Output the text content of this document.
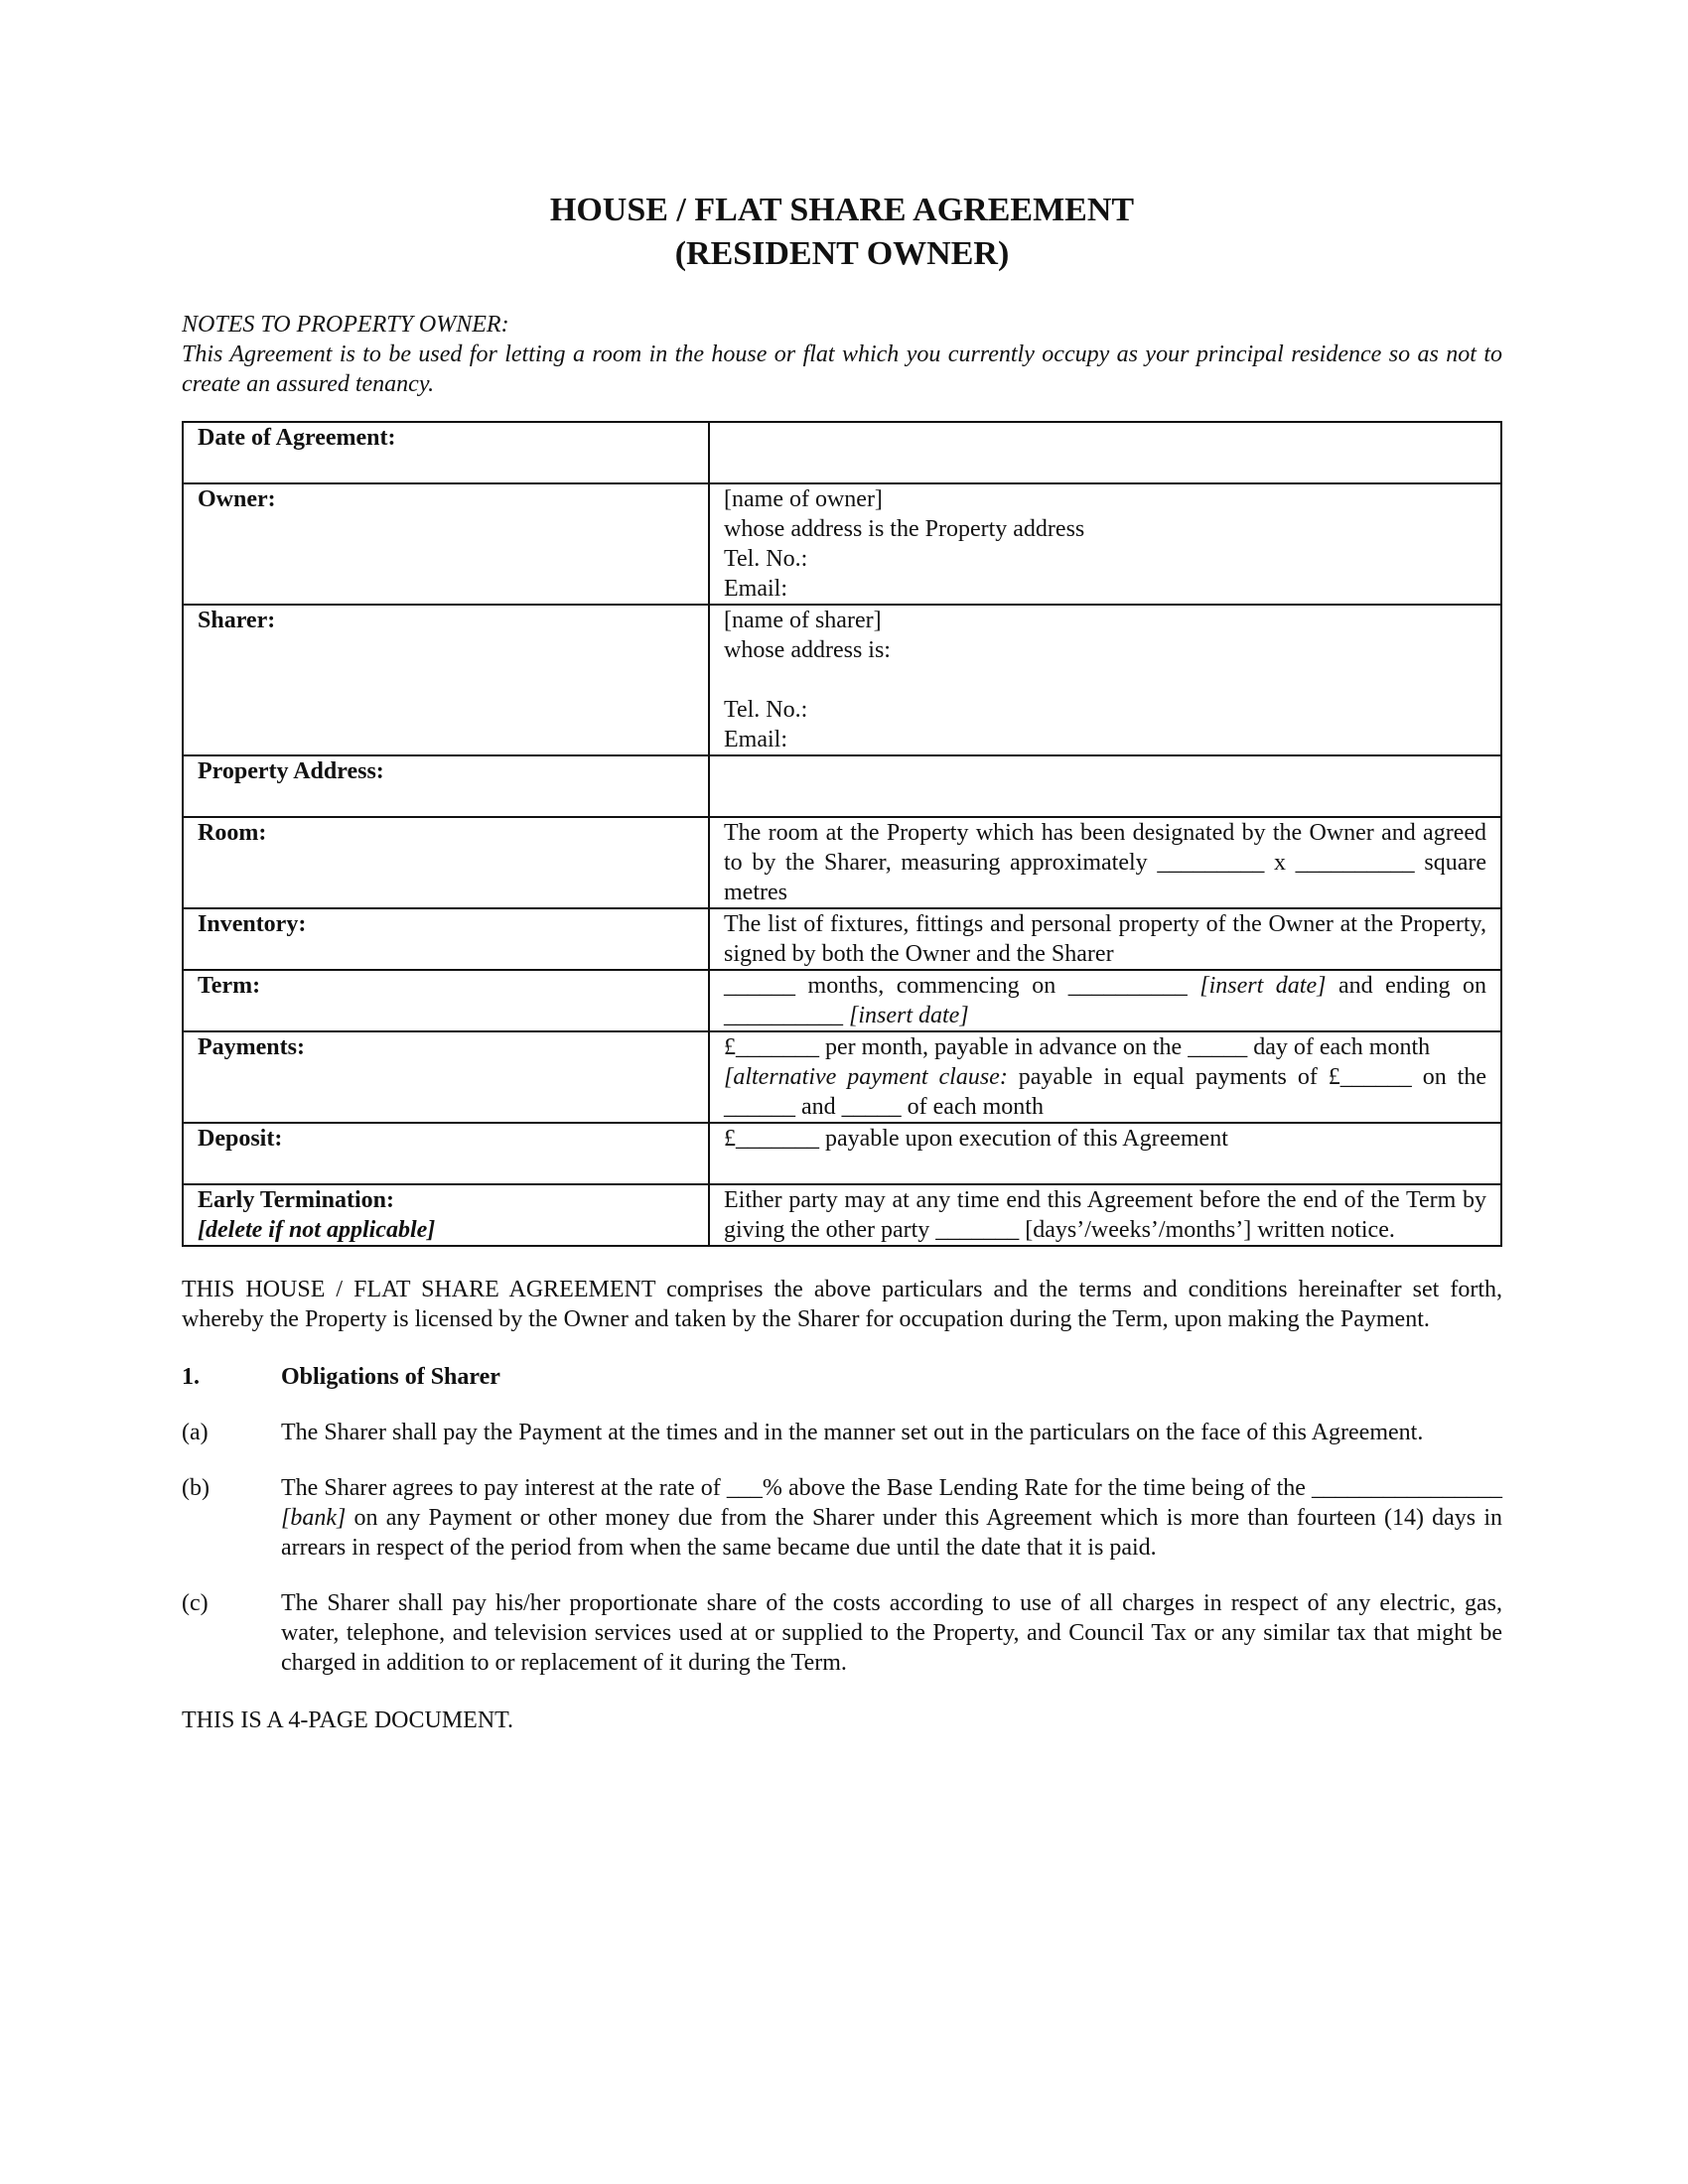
HOUSE / FLAT SHARE AGREEMENT
(RESIDENT OWNER)
NOTES TO PROPERTY OWNER:
This Agreement is to be used for letting a room in the house or flat which you currently occupy as your principal residence so as not to create an assured tenancy.
Date of Agreement:	
Owner:	[name of owner]
whose address is the Property address
Tel. No.:
Email:

Sharer:	[name of sharer]
whose address is:

Tel. No.:
Email:

Property Address:	
Room:	The room at the Property which has been designated by the Owner and agreed to by the Sharer, measuring approximately _________ x __________ square metres
Inventory:	The list of fixtures, fittings and personal property of the Owner at the Property, signed by both the Owner and the Sharer
Term:	______ months, commencing on __________ [insert date] and ending on __________ [insert date]
Payments:	£_______ per month, payable in advance on the _____ day of each month
[alternative payment clause: payable in equal payments of £______ on the ______ and _____ of each month

Deposit:	£_______ payable upon execution of this Agreement

Early Termination:
[delete if not applicable]	Either party may at any time end this Agreement before the end of the Term by giving the other party _______ [days’/weeks’/months’] written notice.
THIS HOUSE / FLAT SHARE AGREEMENT comprises the above particulars and the terms and conditions hereinafter set forth, whereby the Property is licensed by the Owner and taken by the Sharer for occupation during the Term, upon making the Payment.
1.	Obligations of Sharer
(a)	The Sharer shall pay the Payment at the times and in the manner set out in the particulars on the face of this Agreement.
(b)	The Sharer agrees to pay interest at the rate of ___% above the Base Lending Rate for the time being of the ________________ [bank] on any Payment or other money due from the Sharer under this Agreement which is more than fourteen (14) days in arrears in respect of the period from when the same became due until the date that it is paid.
(c)	The Sharer shall pay his/her proportionate share of the costs according to use of all charges in respect of any electric, gas, water, telephone, and television services used at or supplied to the Property, and Council Tax or any similar tax that might be charged in addition to or replacement of it during the Term.
THIS IS A 4-PAGE DOCUMENT.
